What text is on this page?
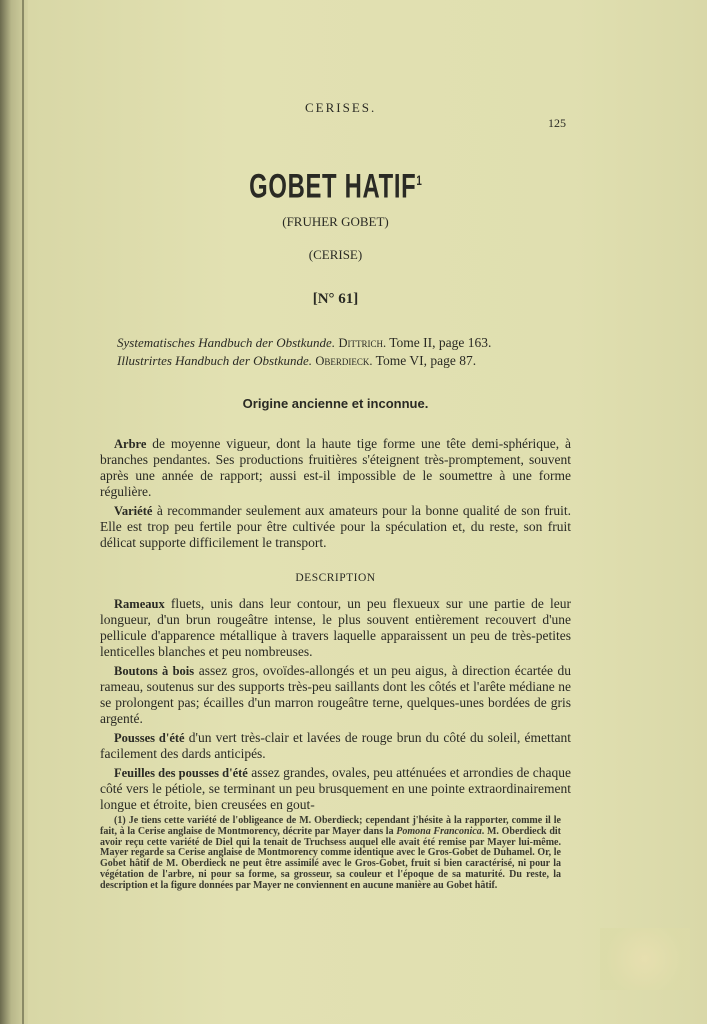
CERISES.
125
GOBET HATIF$^1$
(FRUHER GOBET)
(CERISE)
[N° 61]
Systematisches Handbuch der Obstkunde. Dittrich. Tome II, page 163.
Illustrirtes Handbuch der Obstkunde. Oberdieck. Tome VI, page 87.
Origine ancienne et inconnue.

Arbre de moyenne vigueur, dont la haute tige forme une tête demi-sphérique, à branches pendantes. Ses productions fruitières s'éteignent très-promptement, souvent après une année de rapport; aussi est-il impossible de le soumettre à une forme régulière.

Variété à recommander seulement aux amateurs pour la bonne qualité de son fruit. Elle est trop peu fertile pour être cultivée pour la spéculation et, du reste, son fruit délicat supporte difficilement le transport.

DESCRIPTION

Rameaux fluets, unis dans leur contour, un peu flexueux sur une partie de leur longueur, d'un brun rougeâtre intense, le plus souvent entièrement recouvert d'une pellicule d'apparence métallique à travers laquelle apparaissent un peu de très-petites lenticelles blanches et peu nombreuses.

Boutons à bois assez gros, ovoïdes-allongés et un peu aigus, à direction écartée du rameau, soutenus sur des supports très-peu saillants dont les côtés et l'arête médiane ne se prolongent pas; écailles d'un marron rougeâtre terne, quelques-unes bordées de gris argenté.

Pousses d'été d'un vert très-clair et lavées de rouge brun du côté du soleil, émettant facilement des dards anticipés.

Feuilles des pousses d'été assez grandes, ovales, peu atténuées et arrondies de chaque côté vers le pétiole, se terminant un peu brusquement en une pointe extraordinairement longue et étroite, bien creusées en gout-

(1) Je tiens cette variété de l'obligeance de M. Oberdieck; cependant j'hésite à la rapporter, comme il le fait, à la Cerise anglaise de Montmorency, décrite par Mayer dans la Pomona Franconica. M. Oberdieck dit avoir reçu cette variété de Diel qui la tenait de Truchsess auquel elle avait été remise par Mayer lui-même. Mayer regarde sa Cerise anglaise de Montmorency comme identique avec le Gros-Gobet de Duhamel. Or, le Gobet hâtif de M. Oberdieck ne peut être assimilé avec le Gros-Gobet, fruit si bien caractérisé, ni pour la végétation de l'arbre, ni pour sa forme, sa grosseur, sa couleur et l'époque de sa maturité. Du reste, la description et la figure données par Mayer ne conviennent en aucune manière au Gobet hâtif.
